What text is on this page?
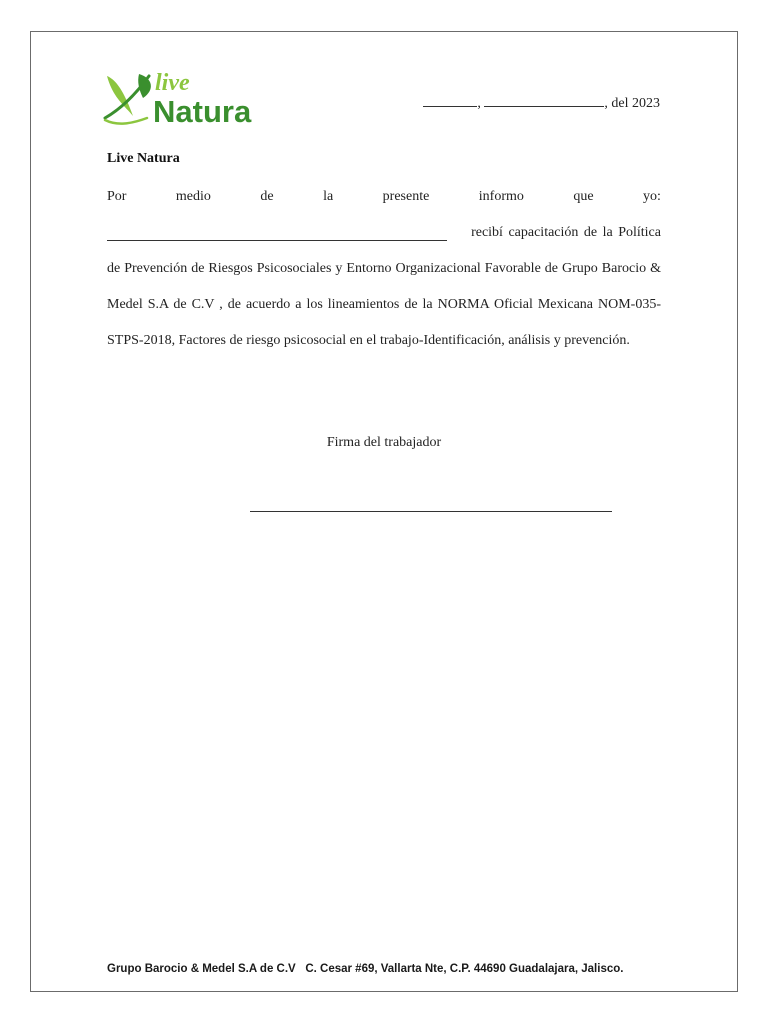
live
Natura	,	, del 2023
Live Natura
Por	medio	de	la	presente	informo	que	yo:
recibí capacitación de la Política
de Prevención de Riesgos Psicosociales y Entorno Organizacional Favorable de Grupo Barocio & Medel S.A de C.V , de acuerdo a los lineamientos de la NORMA Oficial Mexicana NOM-035-STPS-2018, Factores de riesgo psicosocial en el trabajo-Identificación, análisis y prevención.
Firma del trabajador
Grupo Barocio & Medel S.A de C.V C. Cesar #69, Vallarta Nte, C.P. 44690 Guadalajara, Jalisco.
